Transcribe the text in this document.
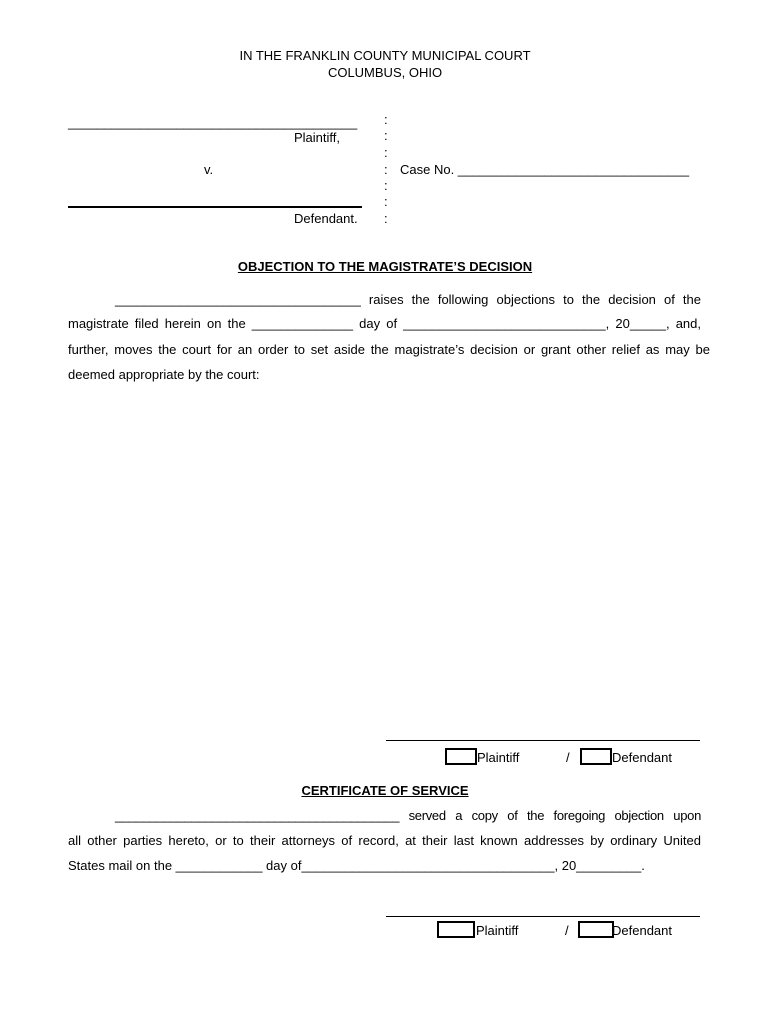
IN THE FRANKLIN COUNTY MUNICIPAL COURT
COLUMBUS, OHIO
________________________________________
Plaintiff,
v.
Defendant.
:
:
:
:
:
:
:
Case No. ________________________________
OBJECTION TO THE MAGISTRATE’S DECISION
__________________________________ raises the following objections to the decision of the
magistrate filed herein on the ______________ day of ____________________________, 20_____, and,
further, moves the court for an order to set aside the magistrate’s decision or grant other relief as may be
deemed appropriate by the court:
Plaintiff	/	Defendant
CERTIFICATE OF SERVICE
_________________________________________ served a copy of the foregoing objection upon
all other parties hereto, or to their attorneys of record, at their last known addresses by ordinary United
States mail on the ____________ day of___________________________________, 20_________.
Plaintiff	/	Defendant
